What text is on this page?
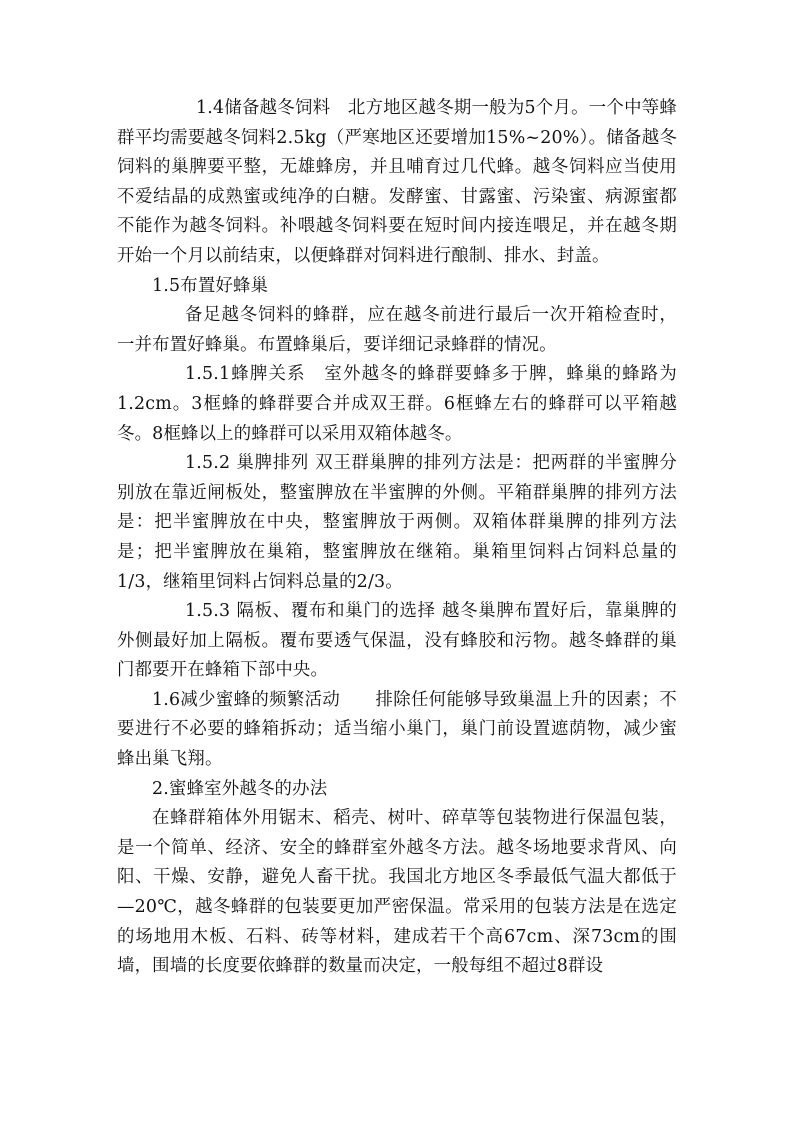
1.4储备越冬饲料　北方地区越冬期一般为5个月。一个中等蜂群平均需要越冬饲料2.5kg（严寒地区还要增加15%~20%）。储备越冬饲料的巢脾要平整，无雄蜂房，并且哺育过几代蜂。越冬饲料应当使用不爱结晶的成熟蜜或纯净的白糖。发酵蜜、甘露蜜、污染蜜、病源蜜都不能作为越冬饲料。补喂越冬饲料要在短时间内接连喂足，并在越冬期开始一个月以前结束，以便蜂群对饲料进行酿制、排水、封盖。

1.5布置好蜂巢

备足越冬饲料的蜂群，应在越冬前进行最后一次开箱检查时，一并布置好蜂巢。布置蜂巢后，要详细记录蜂群的情况。

1.5.1蜂脾关系　室外越冬的蜂群要蜂多于脾，蜂巢的蜂路为1.2cm。3框蜂的蜂群要合并成双王群。6框蜂左右的蜂群可以平箱越冬。8框蜂以上的蜂群可以采用双箱体越冬。

1.5.2 巢脾排列 双王群巢脾的排列方法是：把两群的半蜜脾分别放在靠近闸板处，整蜜脾放在半蜜脾的外侧。平箱群巢脾的排列方法是：把半蜜脾放在中央，整蜜脾放于两侧。双箱体群巢脾的排列方法是；把半蜜脾放在巢箱，整蜜脾放在继箱。巢箱里饲料占饲料总量的1/3，继箱里饲料占饲料总量的2/3。

1.5.3 隔板、覆布和巢门的选择 越冬巢脾布置好后，靠巢脾的外侧最好加上隔板。覆布要透气保温，没有蜂胶和污物。越冬蜂群的巢门都要开在蜂箱下部中央。

1.6减少蜜蜂的频繁活动　　排除任何能够导致巢温上升的因素；不要进行不必要的蜂箱拆动；适当缩小巢门，巢门前设置遮荫物，减少蜜蜂出巢飞翔。

2.蜜蜂室外越冬的办法

在蜂群箱体外用锯末、稻壳、树叶、碎草等包装物进行保温包装，是一个简单、经济、安全的蜂群室外越冬方法。越冬场地要求背风、向阳、干燥、安静，避免人畜干扰。我国北方地区冬季最低气温大都低于—20℃，越冬蜂群的包装要更加严密保温。常采用的包装方法是在选定的场地用木板、石料、砖等材料，建成若干个高67cm、深73cm的围墙，围墙的长度要依蜂群的数量而决定，一般每组不超过8群设
